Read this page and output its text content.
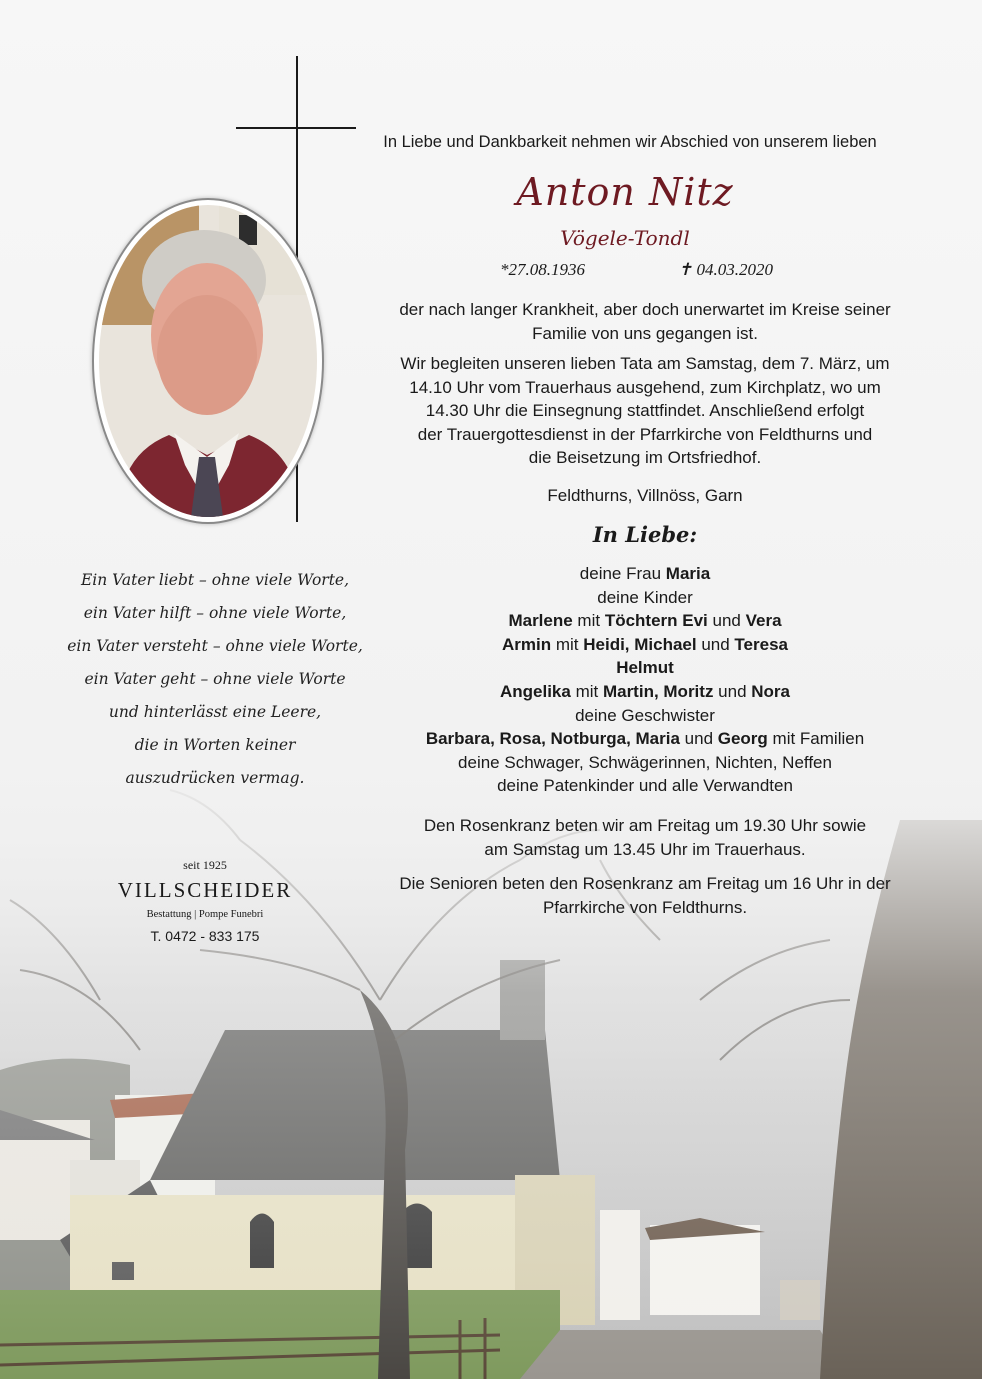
In Liebe und Dankbarkeit nehmen wir Abschied von unserem lieben
Anton Nitz
Vögele-Tondl
*27.08.1936	✝ 04.03.2020
der nach langer Krankheit, aber doch unerwartet im Kreise seiner
Familie von uns gegangen ist.
Wir begleiten unseren lieben Tata am Samstag, dem 7. März, um
14.10 Uhr vom Trauerhaus ausgehend, zum Kirchplatz, wo um
14.30 Uhr die Einsegnung stattfindet. Anschließend erfolgt
der Trauergottesdienst in der Pfarrkirche von Feldthurns und
die Beisetzung im Ortsfriedhof.
Feldthurns, Villnöss, Garn
In Liebe:
deine Frau Maria
deine Kinder
Marlene mit Töchtern Evi und Vera
Armin mit Heidi, Michael und Teresa
Helmut
Angelika mit Martin, Moritz und Nora
deine Geschwister
Barbara, Rosa, Notburga, Maria und Georg mit Familien
deine Schwager, Schwägerinnen, Nichten, Neffen
deine Patenkinder und alle Verwandten
Den Rosenkranz beten wir am Freitag um 19.30 Uhr sowie
am Samstag um 13.45 Uhr im Trauerhaus.
Die Senioren beten den Rosenkranz am Freitag um 16 Uhr in der
Pfarrkirche von Feldthurns.
Ein Vater liebt – ohne viele Worte,
ein Vater hilft – ohne viele Worte,
ein Vater versteht – ohne viele Worte,
ein Vater geht – ohne viele Worte
und hinterlässt eine Leere,
die in Worten keiner
auszudrücken vermag.
seit 1925
VILLSCHEIDER
Bestattung | Pompe Funebri
T. 0472 - 833 175
